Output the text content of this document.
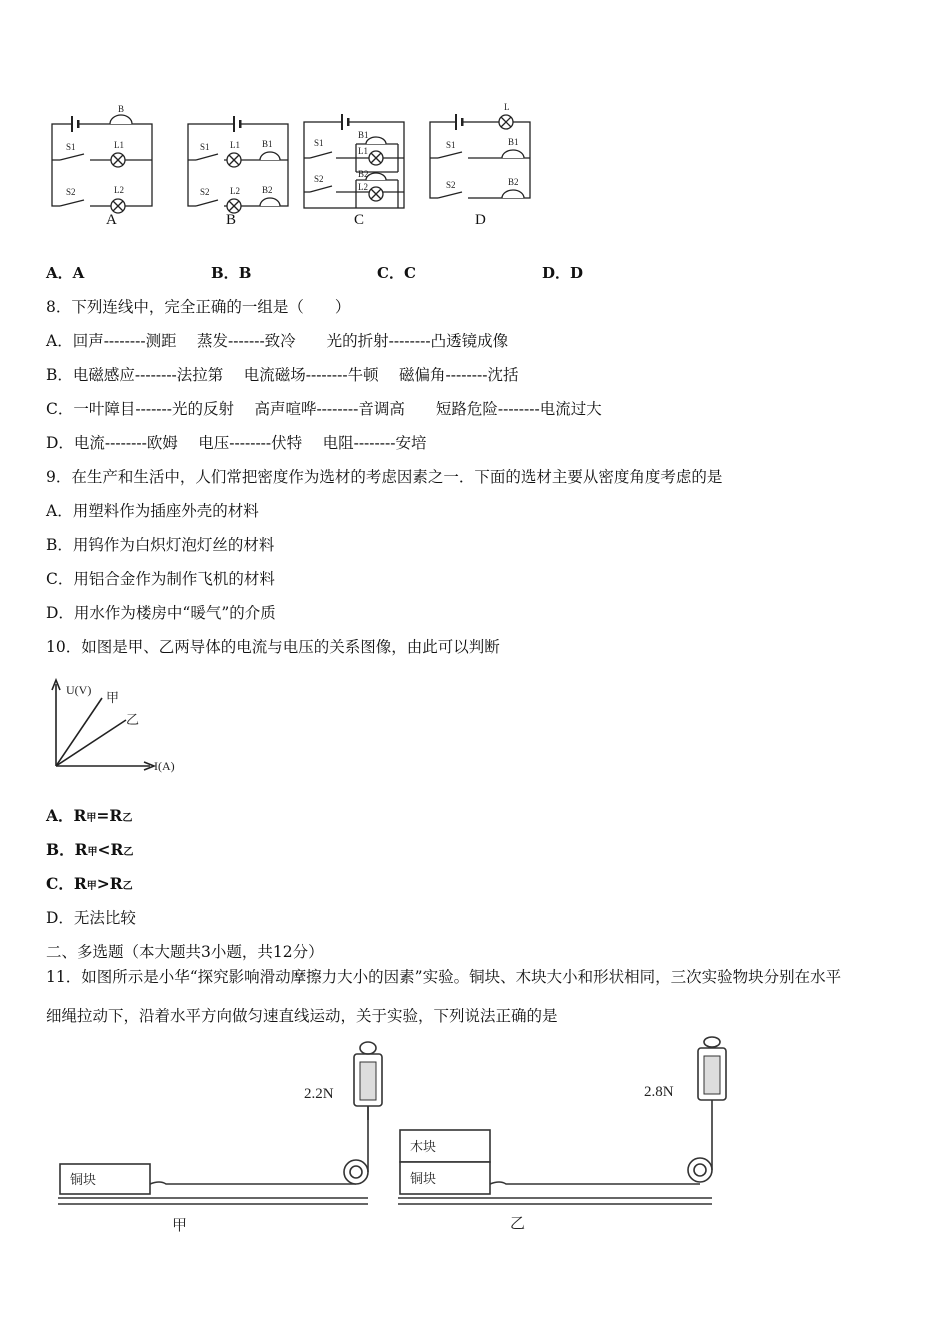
B
S1	L1
S2	L2
S1 L1 B1
S2 L2 B2
S1
B1
L1
S2	B2
L2
L
S1	B1
S2	B2
A	B	C	D
A．A	B．B	C．C	D．D
8．下列连线中，完全正确的一组是（　　）
A．回声--------测距　 蒸发-------致冷　　光的折射--------凸透镜成像
B．电磁感应--------法拉第　 电流磁场--------牛顿　 磁偏角--------沈括
C．一叶障目-------光的反射　 高声喧哗--------音调高　　短路危险--------电流过大
D．电流--------欧姆　 电压--------伏特　 电阻--------安培
9．在生产和生活中，人们常把密度作为选材的考虑因素之一．下面的选材主要从密度角度考虑的是
A．用塑料作为插座外壳的材料
B．用钨作为白炽灯泡灯丝的材料
C．用铝合金作为制作飞机的材料
D．用水作为楼房中“暖气”的介质
10．如图是甲、乙两导体的电流与电压的关系图像，由此可以判断
U(V) 甲
乙
I(A)
A．R甲=R乙
B．R甲<R乙
C．R甲>R乙
D．无法比较
二、多选题（本大题共3小题，共12分）
11．如图所示是小华“探究影响滑动摩擦力大小的因素”实验。铜块、木块大小和形状相同，三次实验物块分别在水平
细绳拉动下，沿着水平方向做匀速直线运动，关于实验，下列说法正确的是
2.2N
铜块
甲
2.8N
木块
铜块
乙
